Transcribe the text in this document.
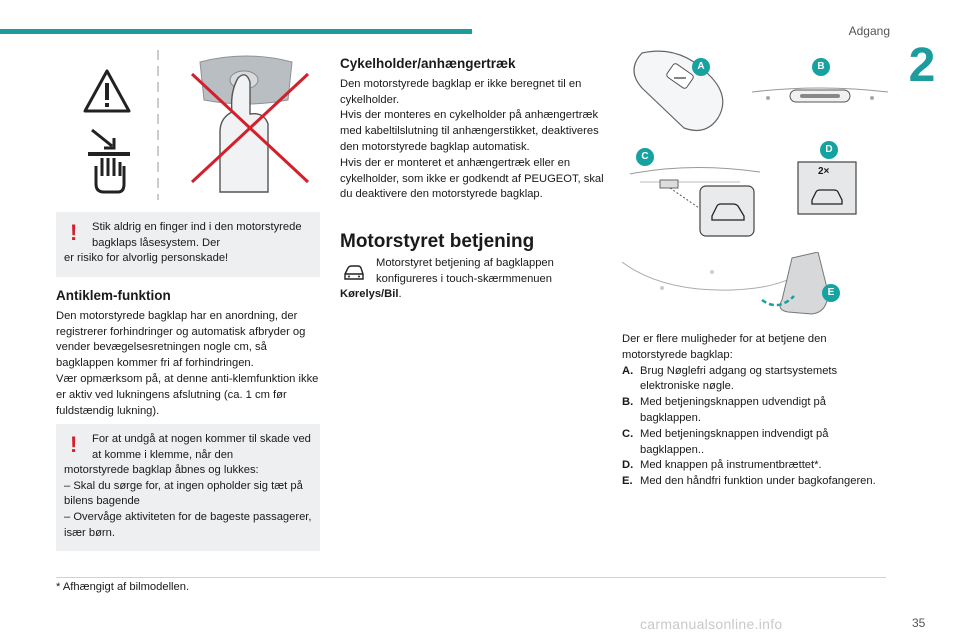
Adgang
2
!	Stik aldrig en finger ind i den motorstyrede bagklaps låsesystem. Der
er risiko for alvorlig personskade!
Antiklem-funktion

Den motorstyrede bagklap har en anordning, der registrerer forhindringer og automatisk afbryder og vender bevægelsesretningen nogle cm, så bagklappen kommer fri af forhindringen.

Vær opmærksom på, at denne anti-klemfunktion ikke er aktiv ved lukningens afslutning (ca. 1 cm før fuldstændig lukning).

!	For at undgå at nogen kommer til skade ved at komme i klemme, når den
motorstyrede bagklap åbnes og lukkes:
– Skal du sørge for, at ingen opholder sig tæt på bilens bagende
– Overvåge aktiviteten for de bageste passagerer, især børn.
Cykelholder/anhængertræk

Den motorstyrede bagklap er ikke beregnet til en cykelholder.

Hvis der monteres en cykelholder på anhængertræk med kabeltilslutning til anhængerstikket, deaktiveres den motorstyrede bagklap automatisk.

Hvis der er monteret et anhængertræk eller en cykelholder, som ikke er godkendt af PEUGEOT, skal du deaktivere den motorstyrede bagklap.

Motorstyret betjening
Motorstyret betjening af bagklappen konfigureres i touch-skærmmenuen
Kørelys/Bil.
A	B
C
2×
D
E

Der er flere muligheder for at betjene den motorstyrede bagklap:

A. Brug Nøglefri adgang og startsystemets elektroniske nøgle.
B. Med betjeningsknappen udvendigt på bagklappen.
C. Med betjeningsknappen indvendigt på bagklappen..
D. Med knappen på instrumentbrættet*.
E. Med den håndfri funktion under bagkofangeren.
* Afhængigt af bilmodellen.
carmanualsonline.info	35
